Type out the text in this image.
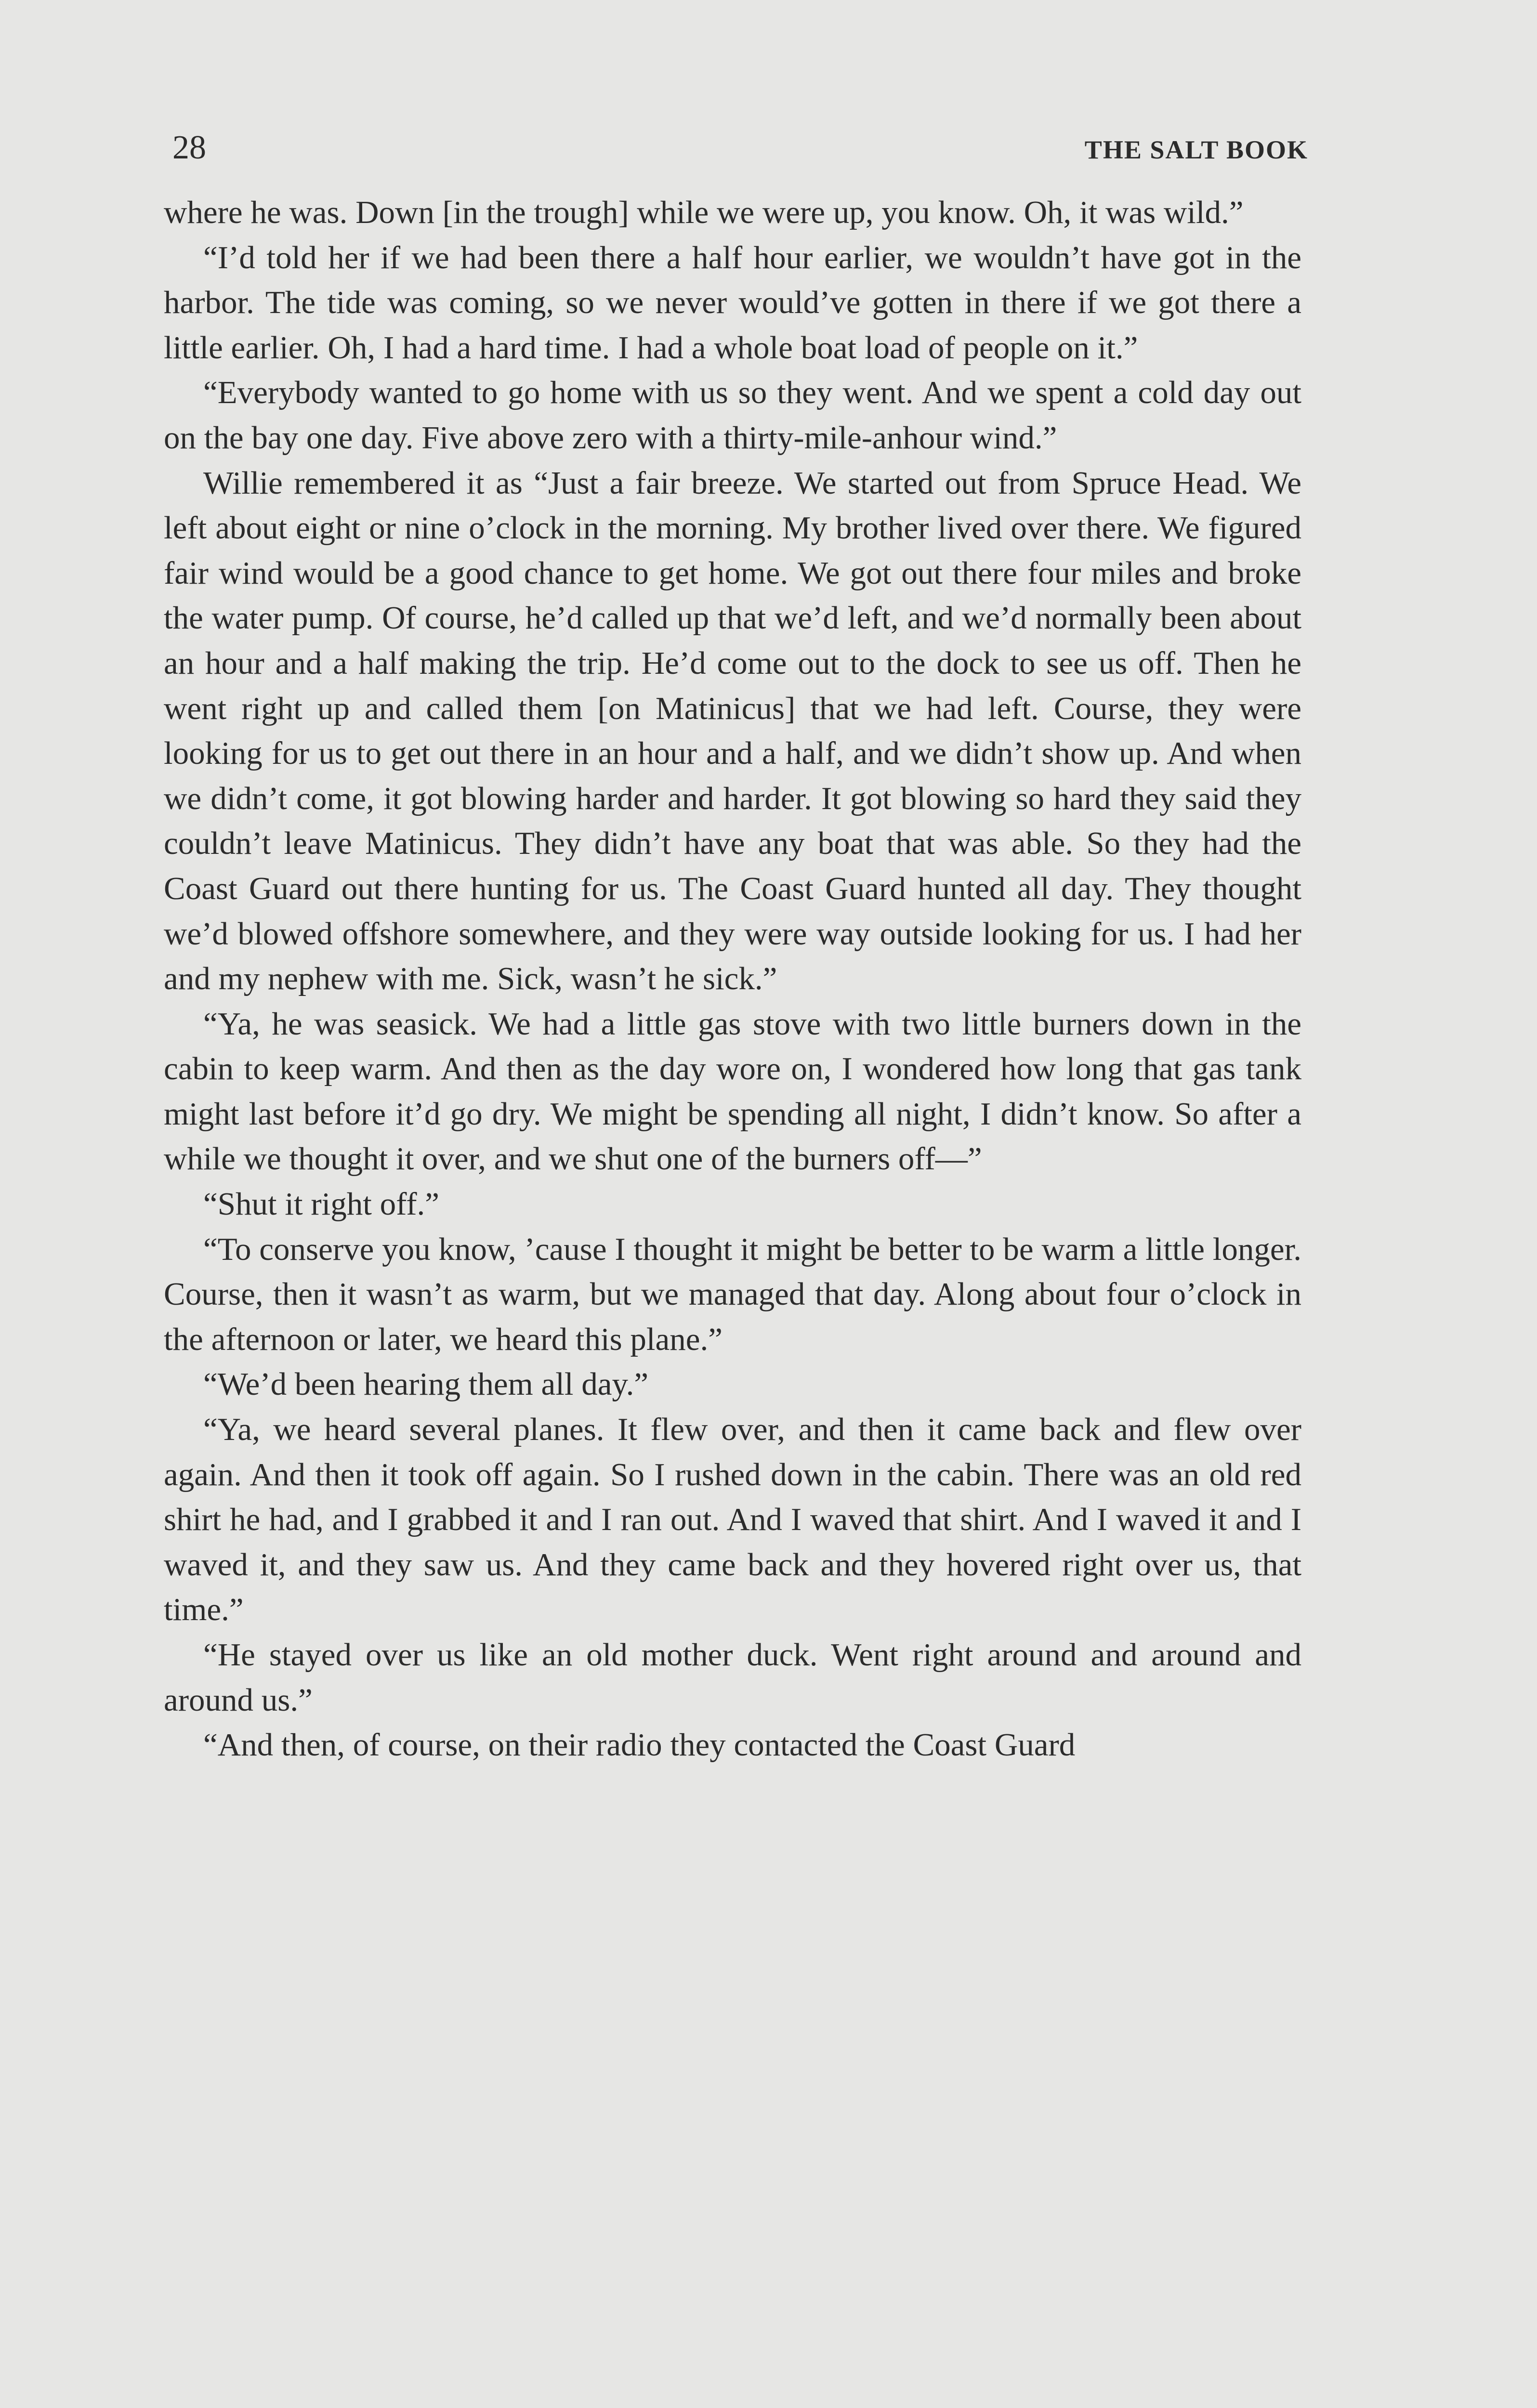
28	THE SALT BOOK

where he was. Down [in the trough] while we were up, you know. Oh, it was wild.”

“I’d told her if we had been there a half hour earlier, we wouldn’t have got in the harbor. The tide was coming, so we never would’ve gotten in there if we got there a little earlier. Oh, I had a hard time. I had a whole boat load of people on it.”

“Everybody wanted to go home with us so they went. And we spent a cold day out on the bay one day. Five above zero with a thirty-mile-anhour wind.”

Willie remembered it as “Just a fair breeze. We started out from Spruce Head. We left about eight or nine o’clock in the morning. My brother lived over there. We figured fair wind would be a good chance to get home. We got out there four miles and broke the water pump. Of course, he’d called up that we’d left, and we’d normally been about an hour and a half making the trip. He’d come out to the dock to see us off. Then he went right up and called them [on Matinicus] that we had left. Course, they were looking for us to get out there in an hour and a half, and we didn’t show up. And when we didn’t come, it got blowing harder and harder. It got blowing so hard they said they couldn’t leave Matinicus. They didn’t have any boat that was able. So they had the Coast Guard out there hunting for us. The Coast Guard hunted all day. They thought we’d blowed offshore somewhere, and they were way outside looking for us. I had her and my nephew with me. Sick, wasn’t he sick.”

“Ya, he was seasick. We had a little gas stove with two little burners down in the cabin to keep warm. And then as the day wore on, I wondered how long that gas tank might last before it’d go dry. We might be spending all night, I didn’t know. So after a while we thought it over, and we shut one of the burners off—”

“Shut it right off.”

“To conserve you know, ’cause I thought it might be better to be warm a little longer. Course, then it wasn’t as warm, but we managed that day. Along about four o’clock in the afternoon or later, we heard this plane.”

“We’d been hearing them all day.”

“Ya, we heard several planes. It flew over, and then it came back and flew over again. And then it took off again. So I rushed down in the cabin. There was an old red shirt he had, and I grabbed it and I ran out. And I waved that shirt. And I waved it and I waved it, and they saw us. And they came back and they hovered right over us, that time.”

“He stayed over us like an old mother duck. Went right around and around and around us.”

“And then, of course, on their radio they contacted the Coast Guard
